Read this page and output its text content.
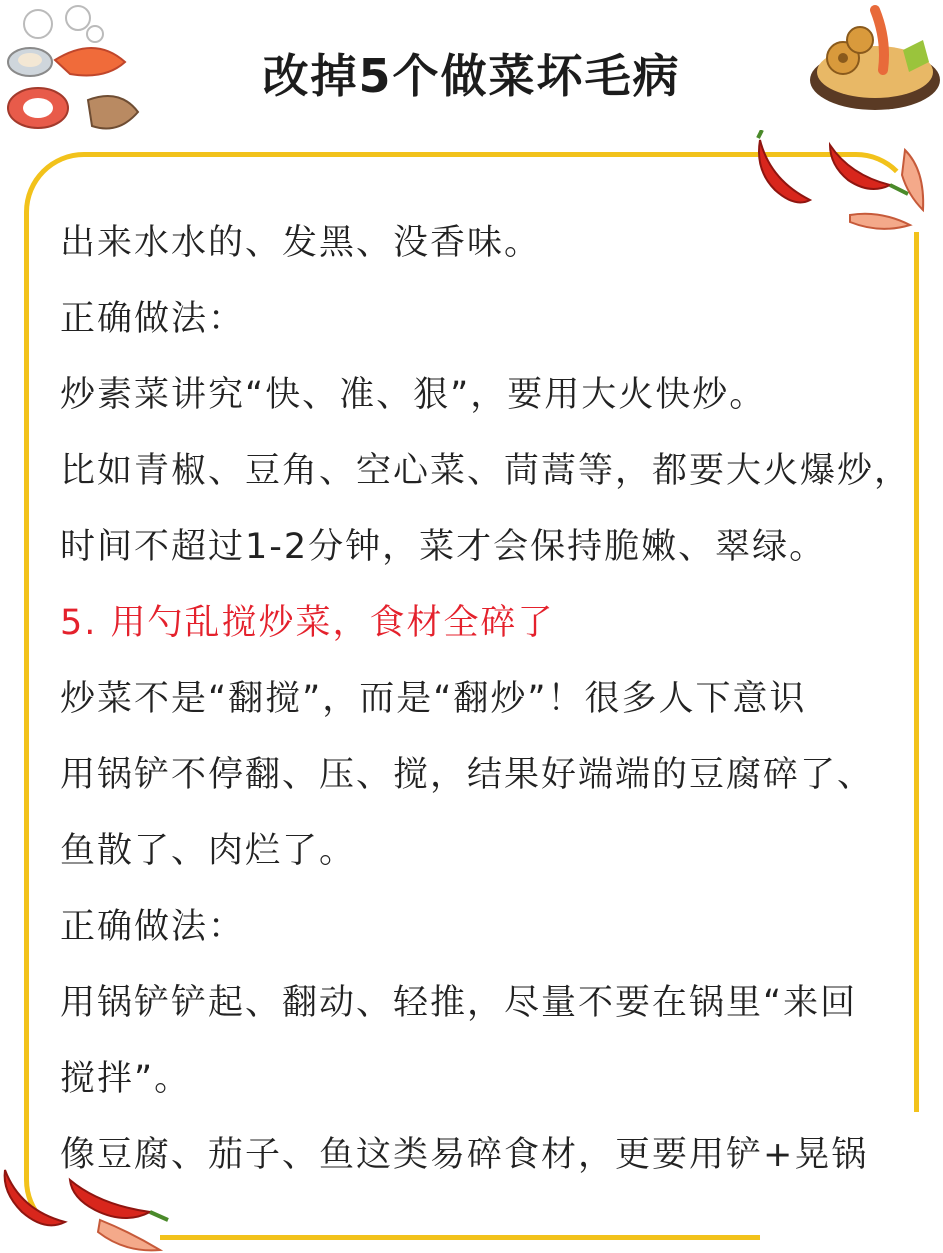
改掉5个做菜坏毛病
出来水水的、发黑、没香味。
正确做法：
炒素菜讲究“快、准、狠”，要用大火快炒。
比如青椒、豆角、空心菜、茼蒿等，都要大火爆炒，
时间不超过1-2分钟，菜才会保持脆嫩、翠绿。
5. 用勺乱搅炒菜，食材全碎了
炒菜不是“翻搅”，而是“翻炒”！很多人下意识
用锅铲不停翻、压、搅，结果好端端的豆腐碎了、
鱼散了、肉烂了。
正确做法：
用锅铲铲起、翻动、轻推，尽量不要在锅里“来回
搅拌”。
像豆腐、茄子、鱼这类易碎食材，更要用铲+晃锅
